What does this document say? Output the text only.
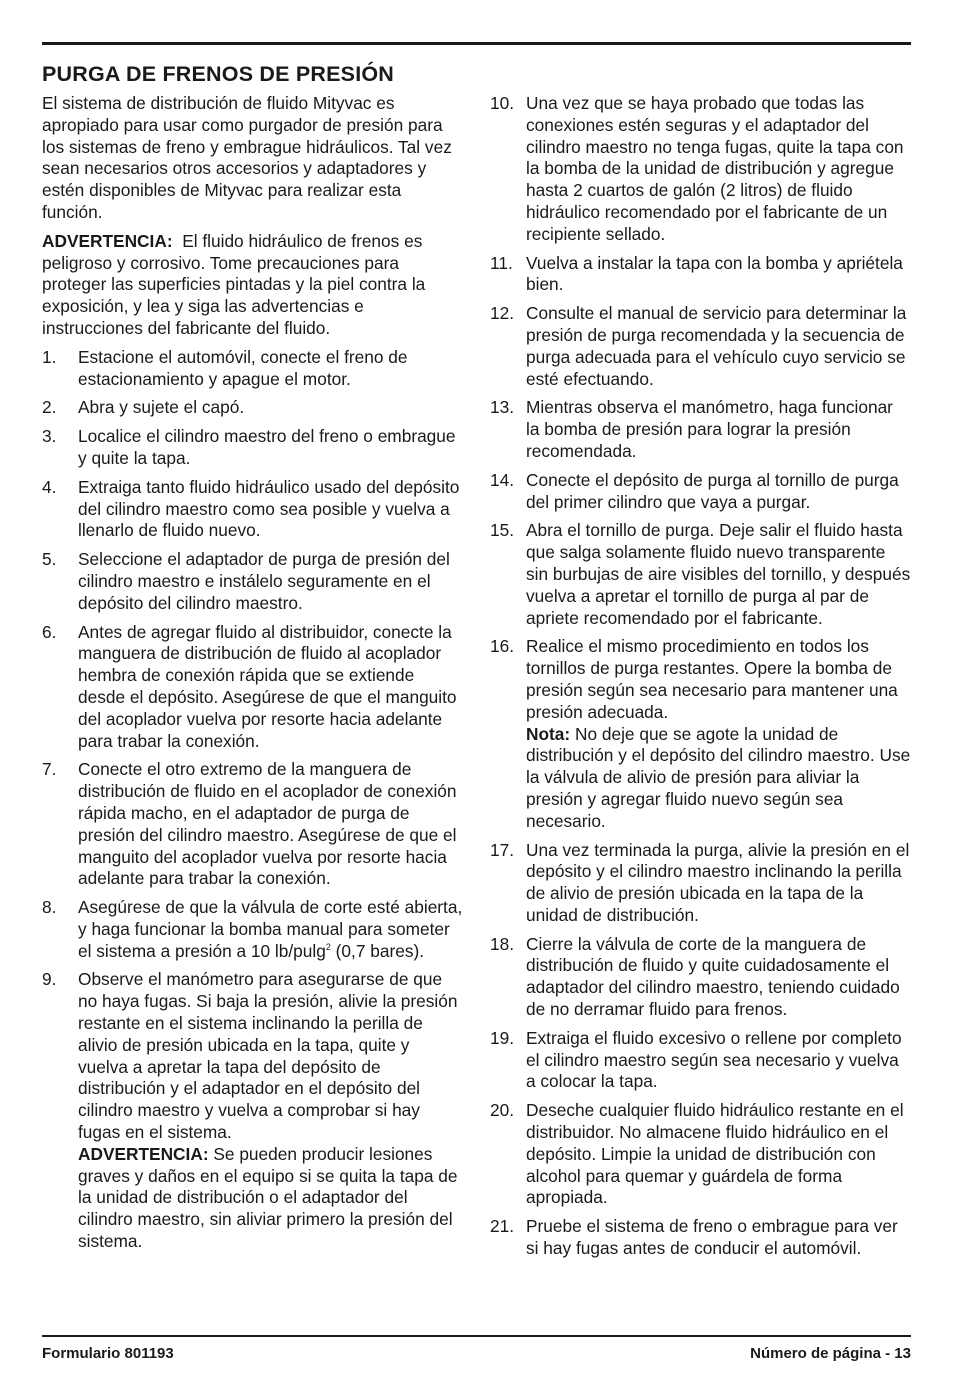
PURGA DE FRENOS DE PRESIÓN

El sistema de distribución de fluido Mityvac es apropiado para usar como purgador de presión para los sistemas de freno y embrague hidráulicos. Tal vez sean necesarios otros accesorios y adaptadores y estén disponibles de Mityvac para realizar esta función.

ADVERTENCIA: El fluido hidráulico de frenos es peligroso y corrosivo. Tome precauciones para proteger las superficies pintadas y la piel contra la exposición, y lea y siga las advertencias e instrucciones del fabricante del fluido.

1.	Estacione el automóvil, conecte el freno de estacionamiento y apague el motor.
2.	Abra y sujete el capó.
3.	Localice el cilindro maestro del freno o embrague y quite la tapa.
4.	Extraiga tanto fluido hidráulico usado del depósito del cilindro maestro como sea posible y vuelva a llenarlo de fluido nuevo.
5.	Seleccione el adaptador de purga de presión del cilindro maestro e instálelo seguramente en el depósito del cilindro maestro.
6.	Antes de agregar fluido al distribuidor, conecte la manguera de distribución de fluido al acoplador hembra de conexión rápida que se extiende desde el depósito. Asegúrese de que el manguito del acoplador vuelva por resorte hacia adelante para trabar la conexión.
7.	Conecte el otro extremo de la manguera de distribución de fluido en el acoplador de conexión rápida macho, en el adaptador de purga de presión del cilindro maestro. Asegúrese de que el manguito del acoplador vuelva por resorte hacia adelante para trabar la conexión.
8.	Asegúrese de que la válvula de corte esté abierta, y haga funcionar la bomba manual para someter el sistema a presión a 10 lb/pulg$^2$ (0,7 bares).
9.	Observe el manómetro para asegurarse de que no haya fugas. Si baja la presión, alivie la presión restante en el sistema inclinando la perilla de alivio de presión ubicada en la tapa, quite y vuelva a apretar la tapa del depósito de distribución y el adaptador en el depósito del cilindro maestro y vuelva a comprobar si hay fugas en el sistema.

ADVERTENCIA: Se pueden producir lesiones graves y daños en el equipo si se quita la tapa de la unidad de distribución o el adaptador del cilindro maestro, sin aliviar primero la presión del sistema.

10. Una vez que se haya probado que todas las conexiones estén seguras y el adaptador del cilindro maestro no tenga fugas, quite la tapa con la bomba de la unidad de distribución y agregue hasta 2 cuartos de galón (2 litros) de fluido hidráulico recomendado por el fabricante de un recipiente sellado.
11. Vuelva a instalar la tapa con la bomba y apriétela bien.
12. Consulte el manual de servicio para determinar la presión de purga recomendada y la secuencia de purga adecuada para el vehículo cuyo servicio se esté efectuando.
13. Mientras observa el manómetro, haga funcionar la bomba de presión para lograr la presión recomendada.
14. Conecte el depósito de purga al tornillo de purga del primer cilindro que vaya a purgar.
15. Abra el tornillo de purga. Deje salir el fluido hasta que salga solamente fluido nuevo transparente sin burbujas de aire visibles del tornillo, y después vuelva a apretar el tornillo de purga al par de apriete recomendado por el fabricante.
16. Realice el mismo procedimiento en todos los tornillos de purga restantes. Opere la bomba de presión según sea necesario para mantener una presión adecuada.

Nota: No deje que se agote la unidad de distribución y el depósito del cilindro maestro. Use la válvula de alivio de presión para aliviar la presión y agregar fluido nuevo según sea necesario.

17. Una vez terminada la purga, alivie la presión en el depósito y el cilindro maestro inclinando la perilla de alivio de presión ubicada en la tapa de la unidad de distribución.
18. Cierre la válvula de corte de la manguera de distribución de fluido y quite cuidadosamente el adaptador del cilindro maestro, teniendo cuidado de no derramar fluido para frenos.
19. Extraiga el fluido excesivo o rellene por completo el cilindro maestro según sea necesario y vuelva a colocar la tapa.
20. Deseche cualquier fluido hidráulico restante en el distribuidor. No almacene fluido hidráulico en el depósito. Limpie la unidad de distribución con alcohol para quemar y guárdela de forma apropiada.
21. Pruebe el sistema de freno o embrague para ver si hay fugas antes de conducir el automóvil.
Formulario 801193	Número de página - 13
